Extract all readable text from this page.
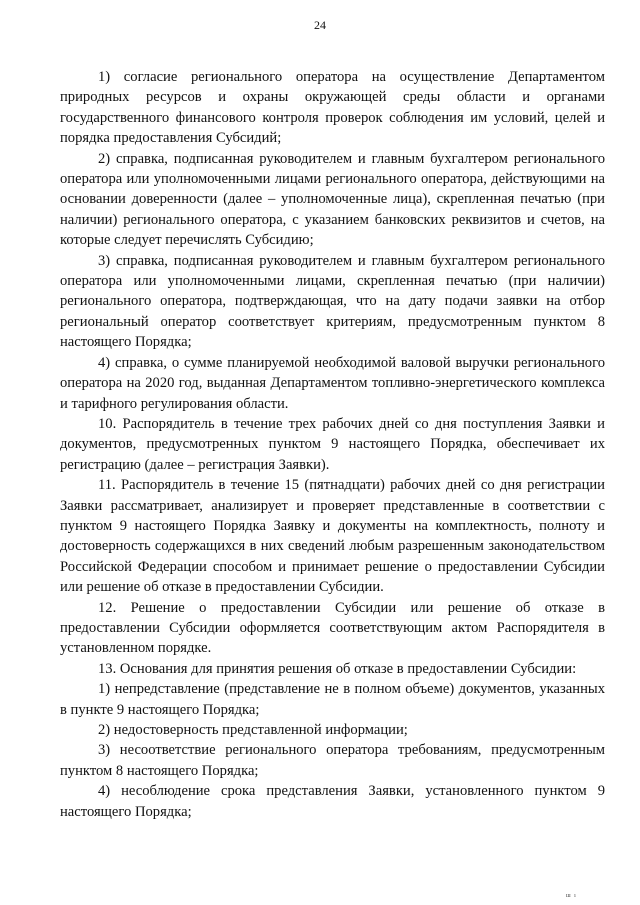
24

1) согласие регионального оператора на осуществление Департаментом природных ресурсов и охраны окружающей среды области и органами государственного финансового контроля проверок соблюдения им условий, целей и порядка предоставления Субсидий;

2) справка, подписанная руководителем и главным бухгалтером регионального оператора или уполномоченными лицами регионального оператора, действующими на основании доверенности (далее – уполномоченные лица), скрепленная печатью (при наличии) регионального оператора, с указанием банковских реквизитов и счетов, на которые следует перечислять Субсидию;

3) справка, подписанная руководителем и главным бухгалтером регионального оператора или уполномоченными лицами, скрепленная печатью (при наличии) регионального оператора, подтверждающая, что на дату подачи заявки на отбор региональный оператор соответствует критериям, предусмотренным пунктом 8 настоящего Порядка;

4) справка, о сумме планируемой необходимой валовой выручки регионального оператора на 2020 год, выданная Департаментом топливно-энергетического комплекса и тарифного регулирования области.

10. Распорядитель в течение трех рабочих дней со дня поступления Заявки и документов, предусмотренных пунктом 9 настоящего Порядка, обеспечивает их регистрацию (далее – регистрация Заявки).

11. Распорядитель в течение 15 (пятнадцати) рабочих дней со дня регистрации Заявки рассматривает, анализирует и проверяет представленные в соответствии с пунктом 9 настоящего Порядка Заявку и документы на комплектность, полноту и достоверность содержащихся в них сведений любым разрешенным законодательством Российской Федерации способом и принимает решение о предоставлении Субсидии или решение об отказе в предоставлении Субсидии.

12. Решение о предоставлении Субсидии или решение об отказе в предоставлении Субсидии оформляется соответствующим актом Распорядителя в установленном порядке.

13. Основания для принятия решения об отказе в предоставлении Субсидии:

1) непредставление (представление не в полном объеме) документов, указанных в пункте 9 настоящего Порядка;

2) недостоверность представленной информации;

3) несоответствие регионального оператора требованиям, предусмотренным пунктом 8 настоящего Порядка;

4) несоблюдение срока представления Заявки, установленного пунктом 9 настоящего Порядка;

ш ı
